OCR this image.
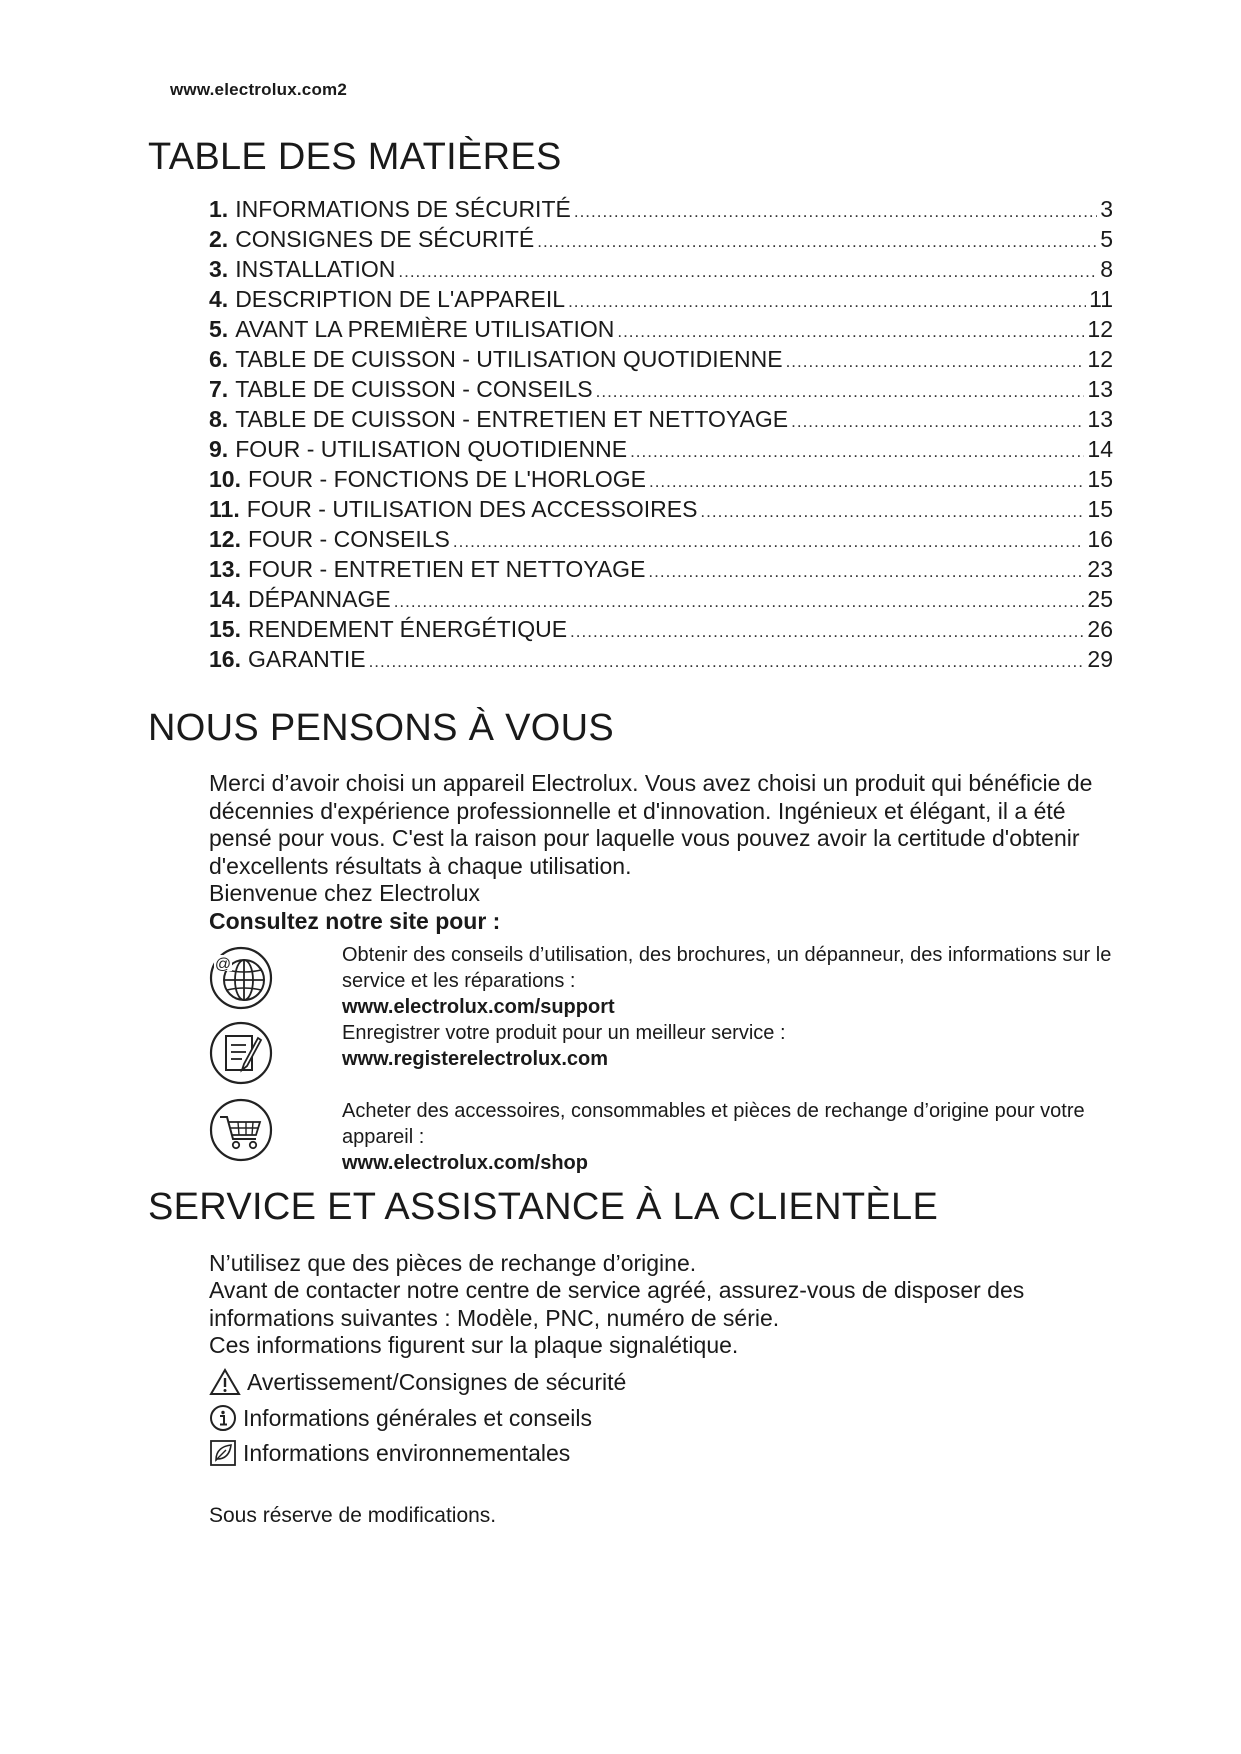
www.electrolux.com2
TABLE DES MATIÈRES
1. INFORMATIONS DE SÉCURITÉ .....	3
2. CONSIGNES DE SÉCURITÉ .....	5
3. INSTALLATION .....	8
4. DESCRIPTION DE L'APPAREIL .....	11
5. AVANT LA PREMIÈRE UTILISATION .....	12
6. TABLE DE CUISSON - UTILISATION QUOTIDIENNE .....	12
7. TABLE DE CUISSON - CONSEILS .....	13
8. TABLE DE CUISSON - ENTRETIEN ET NETTOYAGE .....	13
9. FOUR - UTILISATION QUOTIDIENNE .....	14
10. FOUR - FONCTIONS DE L'HORLOGE .....	15
11. FOUR - UTILISATION DES ACCESSOIRES .....	15
12. FOUR - CONSEILS .....	16
13. FOUR - ENTRETIEN ET NETTOYAGE .....	23
14. DÉPANNAGE .....	25
15. RENDEMENT ÉNERGÉTIQUE .....	26
16. GARANTIE .....	29
NOUS PENSONS À VOUS

Merci d’avoir choisi un appareil Electrolux. Vous avez choisi un produit qui bénéficie de décennies d'expérience professionnelle et d'innovation. Ingénieux et élégant, il a été pensé pour vous. C'est la raison pour laquelle vous pouvez avoir la certitude d'obtenir d'excellents résultats à chaque utilisation.

Bienvenue chez Electrolux

Consultez notre site pour :

@	Obtenir des conseils d’utilisation, des brochures, un dépanneur, des informations sur le service et les réparations :
www.electrolux.com/support
Enregistrer votre produit pour un meilleur service :
www.registerelectrolux.com
Acheter des accessoires, consommables et pièces de rechange d’origine pour votre appareil :
www.electrolux.com/shop
SERVICE ET ASSISTANCE À LA CLIENTÈLE

N’utilisez que des pièces de rechange d’origine.

Avant de contacter notre centre de service agréé, assurez-vous de disposer des informations suivantes : Modèle, PNC, numéro de série.

Ces informations figurent sur la plaque signalétique.

Avertissement/Consignes de sécurité
Informations générales et conseils
Informations environnementales
Sous réserve de modifications.
